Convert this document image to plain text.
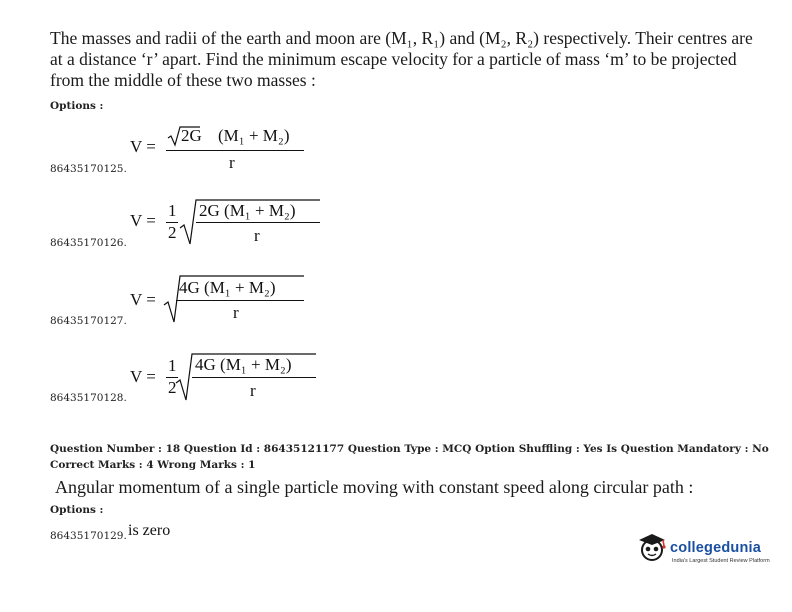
The masses and radii of the earth and moon are (M₁, R₁) and (M₂, R₂) respectively. Their centres are at a distance ‘r’ apart. Find the minimum escape velocity for a particle of mass ‘m’ to be projected from the middle of these two masses :
Options :
86435170125.
V =
2G (M₁ + M₂)
r
86435170126.
V =
1
2
2G (M₁ + M₂)
r
86435170127.
V =
4G (M₁ + M₂)
r
86435170128.
V =
1
2
4G (M₁ + M₂)
r
Question Number : 18 Question Id : 86435121177 Question Type : MCQ Option Shuffling : Yes Is Question Mandatory : No
Correct Marks : 4 Wrong Marks : 1
Angular momentum of a single particle moving with constant speed along circular path :
Options :
86435170129. is zero
collegedunia
India's Largest Student Review Platform
